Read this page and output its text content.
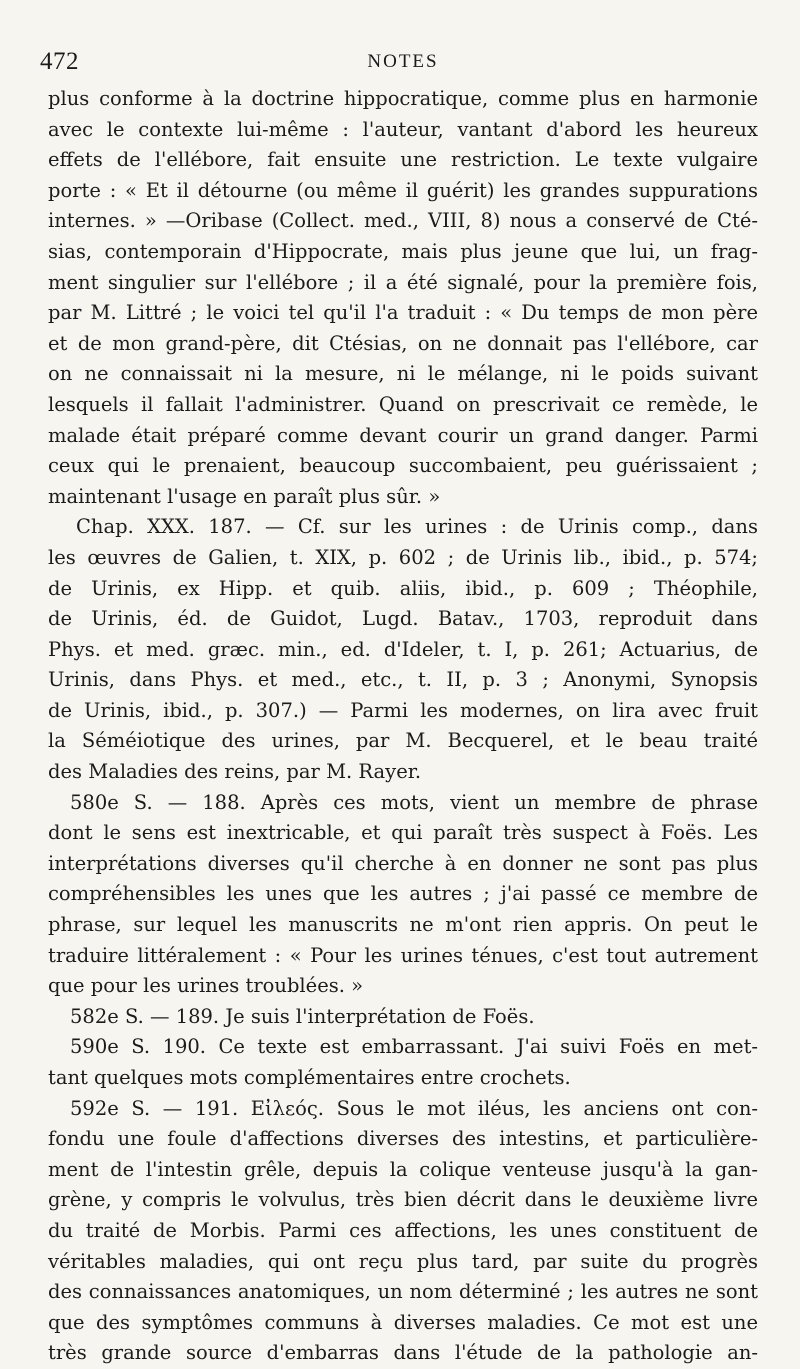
472	NOTES
plus conforme à la doctrine hippocratique, comme plus en harmonie
avec le contexte lui-même : l'auteur, vantant d'abord les heureux
effets de l'ellébore, fait ensuite une restriction. Le texte vulgaire
porte : « Et il détourne (ou même il guérit) les grandes suppurations
internes. » —Oribase (Collect. med., VIII, 8) nous a conservé de Cté-
sias, contemporain d'Hippocrate, mais plus jeune que lui, un frag-
ment singulier sur l'ellébore ; il a été signalé, pour la première fois,
par M. Littré ; le voici tel qu'il l'a traduit : « Du temps de mon père
et de mon grand-père, dit Ctésias, on ne donnait pas l'ellébore, car
on ne connaissait ni la mesure, ni le mélange, ni le poids suivant
lesquels il fallait l'administrer. Quand on prescrivait ce remède, le
malade était préparé comme devant courir un grand danger. Parmi
ceux qui le prenaient, beaucoup succombaient, peu guérissaient ;
maintenant l'usage en paraît plus sûr. »
Chap. XXX. 187. — Cf. sur les urines : de Urinis comp., dans
les œuvres de Galien, t. XIX, p. 602 ; de Urinis lib., ibid., p. 574;
de Urinis, ex Hipp. et quib. aliis, ibid., p. 609 ; Théophile,
de Urinis, éd. de Guidot, Lugd. Batav., 1703, reproduit dans
Phys. et med. græc. min., ed. d'Ideler, t. I, p. 261; Actuarius, de
Urinis, dans Phys. et med., etc., t. II, p. 3 ; Anonymi, Synopsis
de Urinis, ibid., p. 307.) — Parmi les modernes, on lira avec fruit
la Séméiotique des urines, par M. Becquerel, et le beau traité
des Maladies des reins, par M. Rayer.
580e S. — 188. Après ces mots, vient un membre de phrase
dont le sens est inextricable, et qui paraît très suspect à Foës. Les
interprétations diverses qu'il cherche à en donner ne sont pas plus
compréhensibles les unes que les autres ; j'ai passé ce membre de
phrase, sur lequel les manuscrits ne m'ont rien appris. On peut le
traduire littéralement : « Pour les urines ténues, c'est tout autrement
que pour les urines troublées. »
582e S. — 189. Je suis l'interprétation de Foës.
590e S. 190. Ce texte est embarrassant. J'ai suivi Foës en met-
tant quelques mots complémentaires entre crochets.
592e S. — 191. Εἰλεός. Sous le mot iléus, les anciens ont con-
fondu une foule d'affections diverses des intestins, et particulière-
ment de l'intestin grêle, depuis la colique venteuse jusqu'à la gan-
grène, y compris le volvulus, très bien décrit dans le deuxième livre
du traité de Morbis. Parmi ces affections, les unes constituent de
véritables maladies, qui ont reçu plus tard, par suite du progrès
des connaissances anatomiques, un nom déterminé ; les autres ne sont
que des symptômes communs à diverses maladies. Ce mot est une
très grande source d'embarras dans l'étude de la pathologie an-
